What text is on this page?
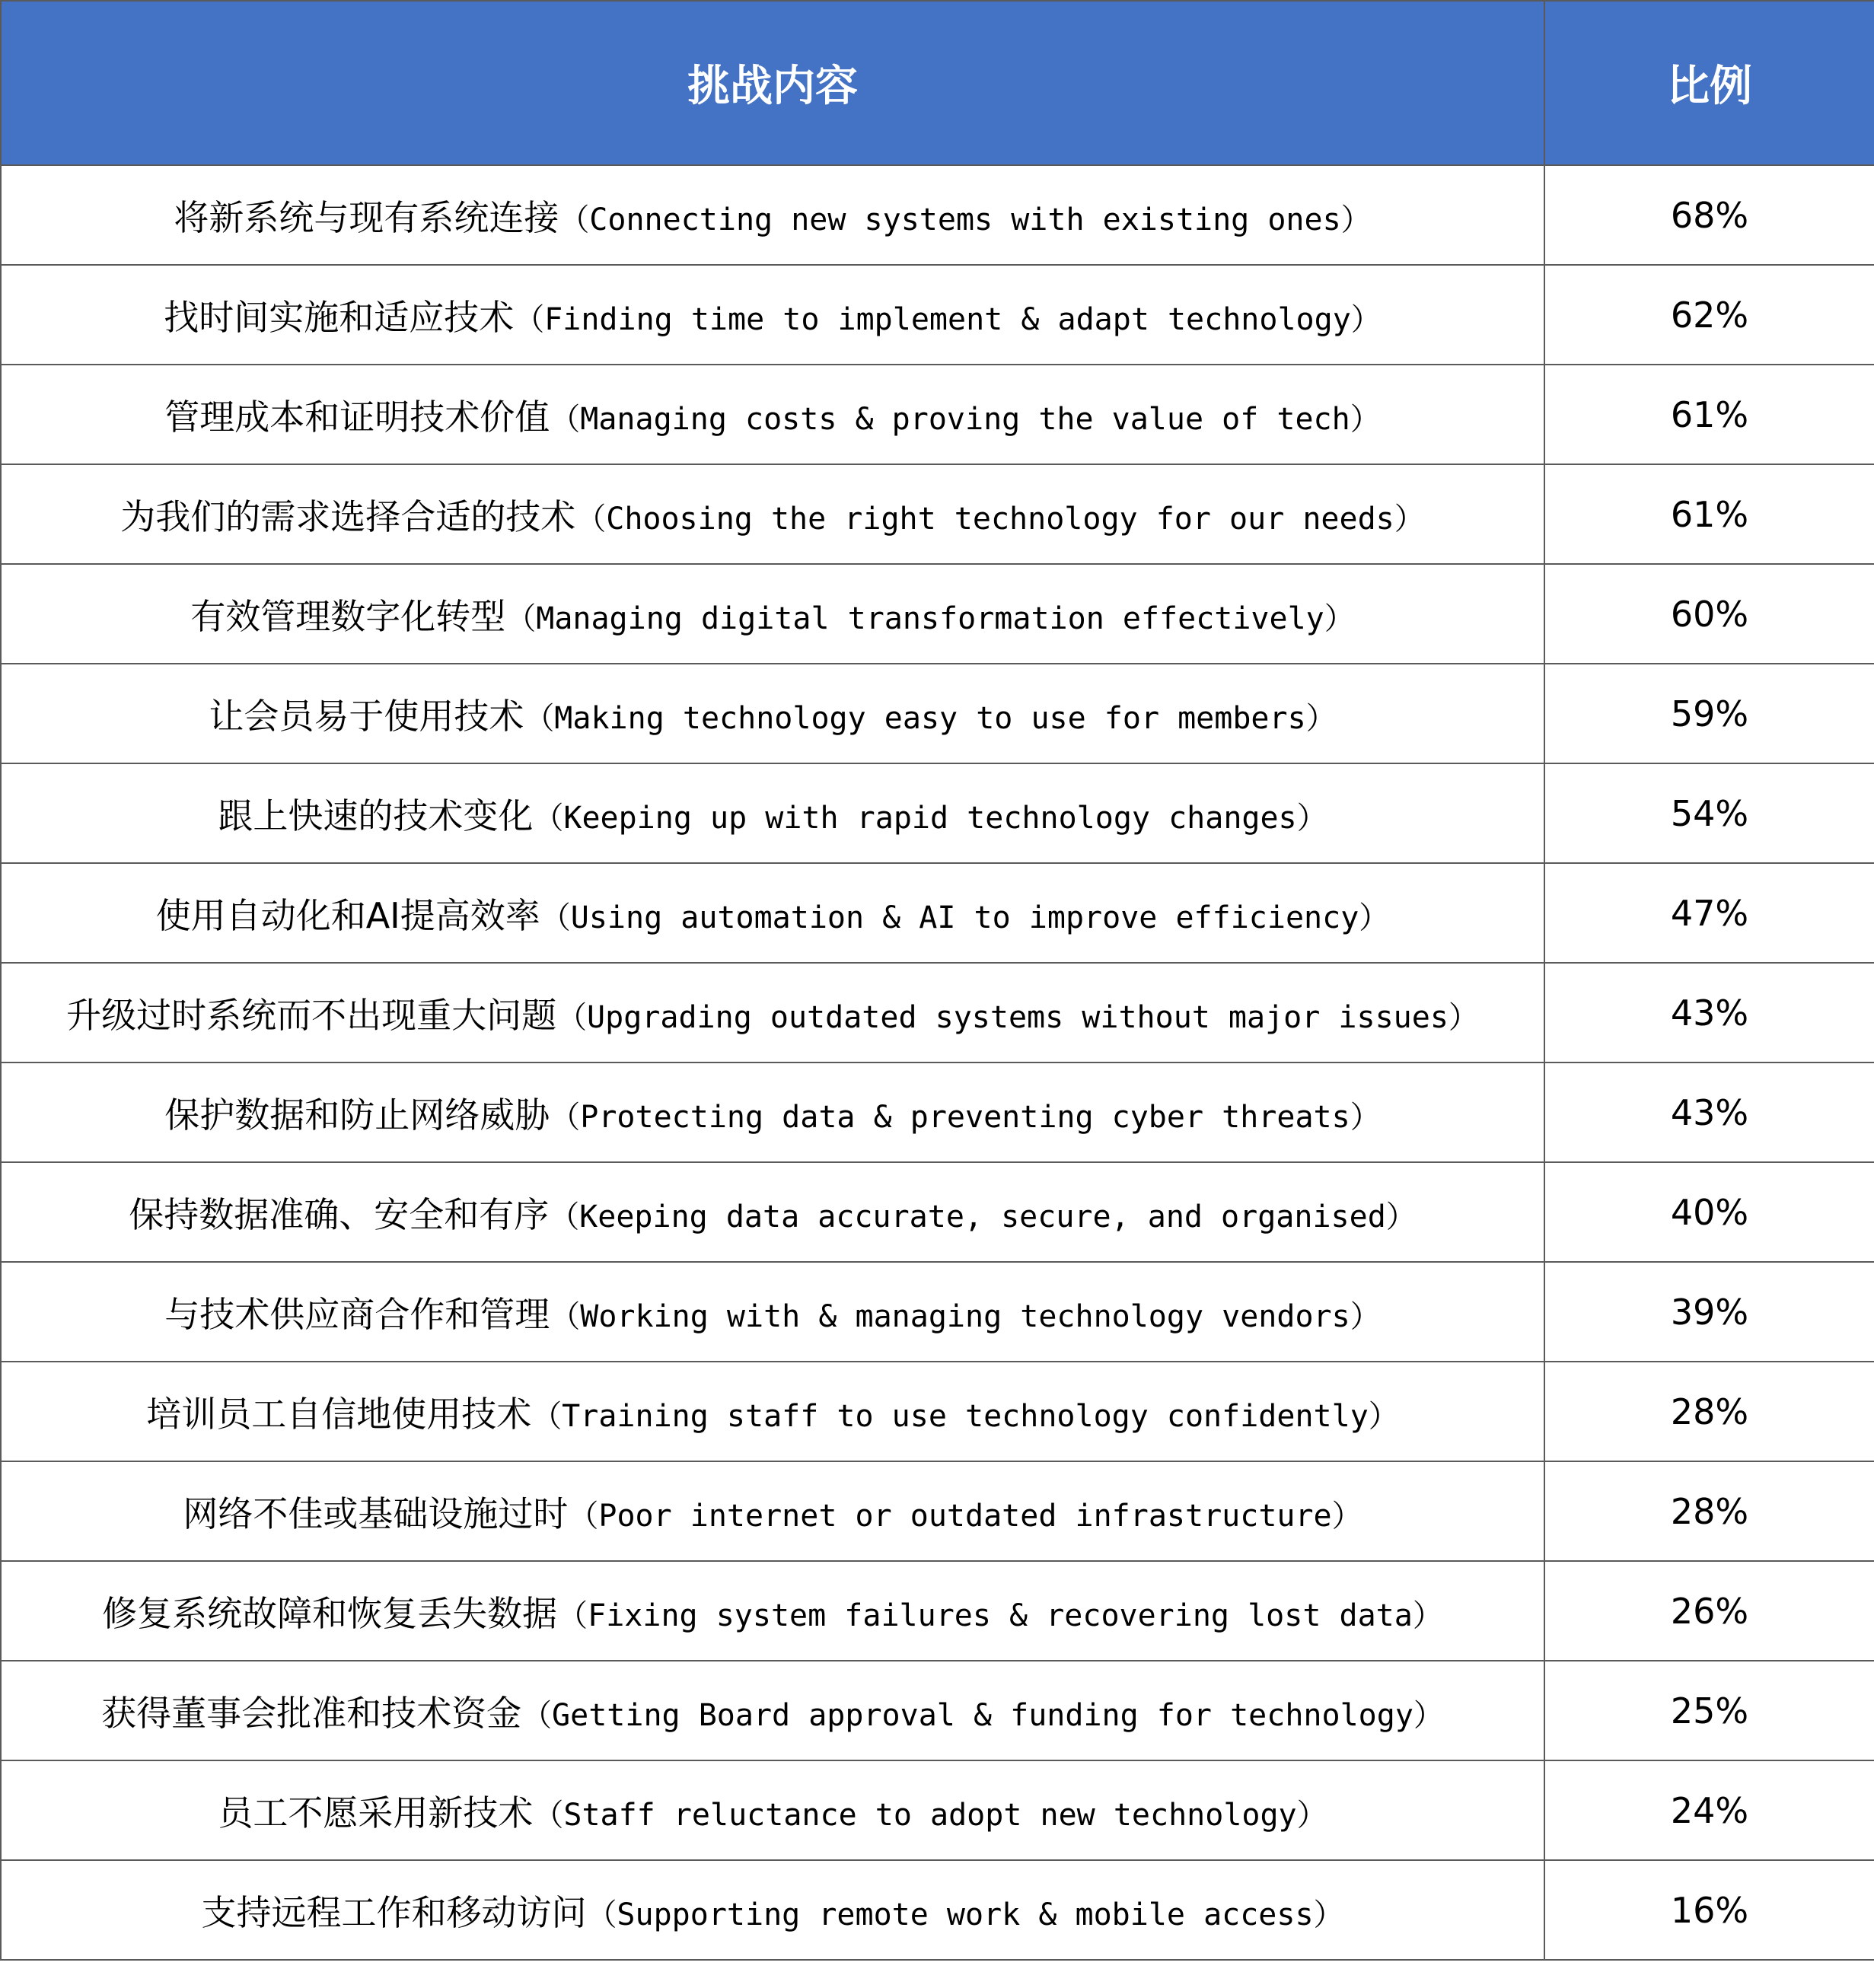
挑战内容	比例
将新系统与现有系统连接（Connecting new systems with existing ones）	68%
找时间实施和适应技术（Finding time to implement & adapt technology）	62%
管理成本和证明技术价值（Managing costs & proving the value of tech）	61%
为我们的需求选择合适的技术（Choosing the right technology for our needs）	61%
有效管理数字化转型（Managing digital transformation effectively）	60%
让会员易于使用技术（Making technology easy to use for members）	59%
跟上快速的技术变化（Keeping up with rapid technology changes）	54%
使用自动化和AI提高效率（Using automation & AI to improve efficiency）	47%
升级过时系统而不出现重大问题（Upgrading outdated systems without major issues）	43%
保护数据和防止网络威胁（Protecting data & preventing cyber threats）	43%
保持数据准确、安全和有序（Keeping data accurate, secure, and organised）	40%
与技术供应商合作和管理（Working with & managing technology vendors）	39%
培训员工自信地使用技术（Training staff to use technology confidently）	28%
网络不佳或基础设施过时（Poor internet or outdated infrastructure）	28%
修复系统故障和恢复丢失数据（Fixing system failures & recovering lost data）	26%
获得董事会批准和技术资金（Getting Board approval & funding for technology）	25%
员工不愿采用新技术（Staff reluctance to adopt new technology）	24%
支持远程工作和移动访问（Supporting remote work & mobile access）	16%
